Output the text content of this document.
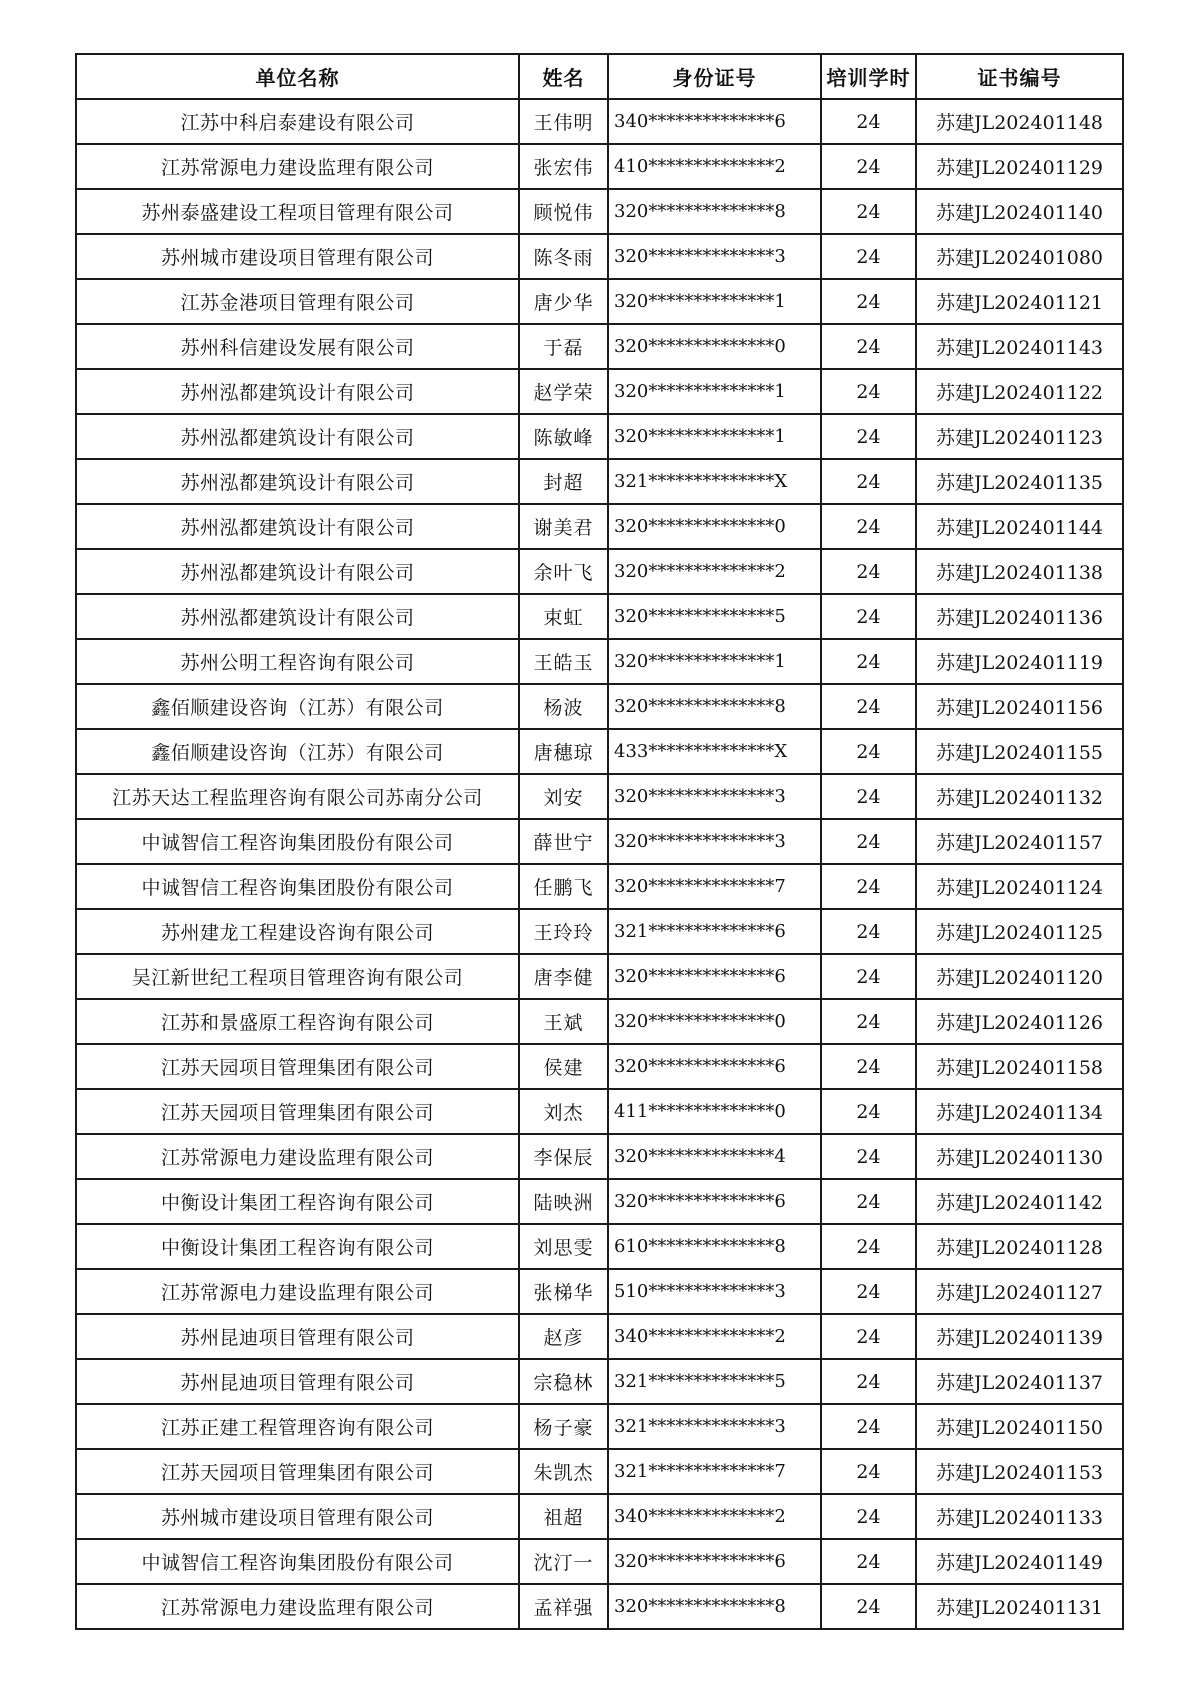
单位名称	姓名	身份证号	培训学时	证书编号
江苏中科启泰建设有限公司	王伟明	340**************6	24	苏建JL202401148
江苏常源电力建设监理有限公司	张宏伟	410**************2	24	苏建JL202401129
苏州泰盛建设工程项目管理有限公司	顾悦伟	320**************8	24	苏建JL202401140
苏州城市建设项目管理有限公司	陈冬雨	320**************3	24	苏建JL202401080
江苏金港项目管理有限公司	唐少华	320**************1	24	苏建JL202401121
苏州科信建设发展有限公司	于磊	320**************0	24	苏建JL202401143
苏州泓都建筑设计有限公司	赵学荣	320**************1	24	苏建JL202401122
苏州泓都建筑设计有限公司	陈敏峰	320**************1	24	苏建JL202401123
苏州泓都建筑设计有限公司	封超	321**************X	24	苏建JL202401135
苏州泓都建筑设计有限公司	谢美君	320**************0	24	苏建JL202401144
苏州泓都建筑设计有限公司	余叶飞	320**************2	24	苏建JL202401138
苏州泓都建筑设计有限公司	束虹	320**************5	24	苏建JL202401136
苏州公明工程咨询有限公司	王皓玉	320**************1	24	苏建JL202401119
鑫佰顺建设咨询（江苏）有限公司	杨波	320**************8	24	苏建JL202401156
鑫佰顺建设咨询（江苏）有限公司	唐穗琼	433**************X	24	苏建JL202401155
江苏天达工程监理咨询有限公司苏南分公司	刘安	320**************3	24	苏建JL202401132
中诚智信工程咨询集团股份有限公司	薛世宁	320**************3	24	苏建JL202401157
中诚智信工程咨询集团股份有限公司	任鹏飞	320**************7	24	苏建JL202401124
苏州建龙工程建设咨询有限公司	王玲玲	321**************6	24	苏建JL202401125
吴江新世纪工程项目管理咨询有限公司	唐李健	320**************6	24	苏建JL202401120
江苏和景盛原工程咨询有限公司	王斌	320**************0	24	苏建JL202401126
江苏天园项目管理集团有限公司	侯建	320**************6	24	苏建JL202401158
江苏天园项目管理集团有限公司	刘杰	411**************0	24	苏建JL202401134
江苏常源电力建设监理有限公司	李保辰	320**************4	24	苏建JL202401130
中衡设计集团工程咨询有限公司	陆映洲	320**************6	24	苏建JL202401142
中衡设计集团工程咨询有限公司	刘思雯	610**************8	24	苏建JL202401128
江苏常源电力建设监理有限公司	张梯华	510**************3	24	苏建JL202401127
苏州昆迪项目管理有限公司	赵彦	340**************2	24	苏建JL202401139
苏州昆迪项目管理有限公司	宗稳林	321**************5	24	苏建JL202401137
江苏正建工程管理咨询有限公司	杨子豪	321**************3	24	苏建JL202401150
江苏天园项目管理集团有限公司	朱凯杰	321**************7	24	苏建JL202401153
苏州城市建设项目管理有限公司	祖超	340**************2	24	苏建JL202401133
中诚智信工程咨询集团股份有限公司	沈汀一	320**************6	24	苏建JL202401149
江苏常源电力建设监理有限公司	孟祥强	320**************8	24	苏建JL202401131
